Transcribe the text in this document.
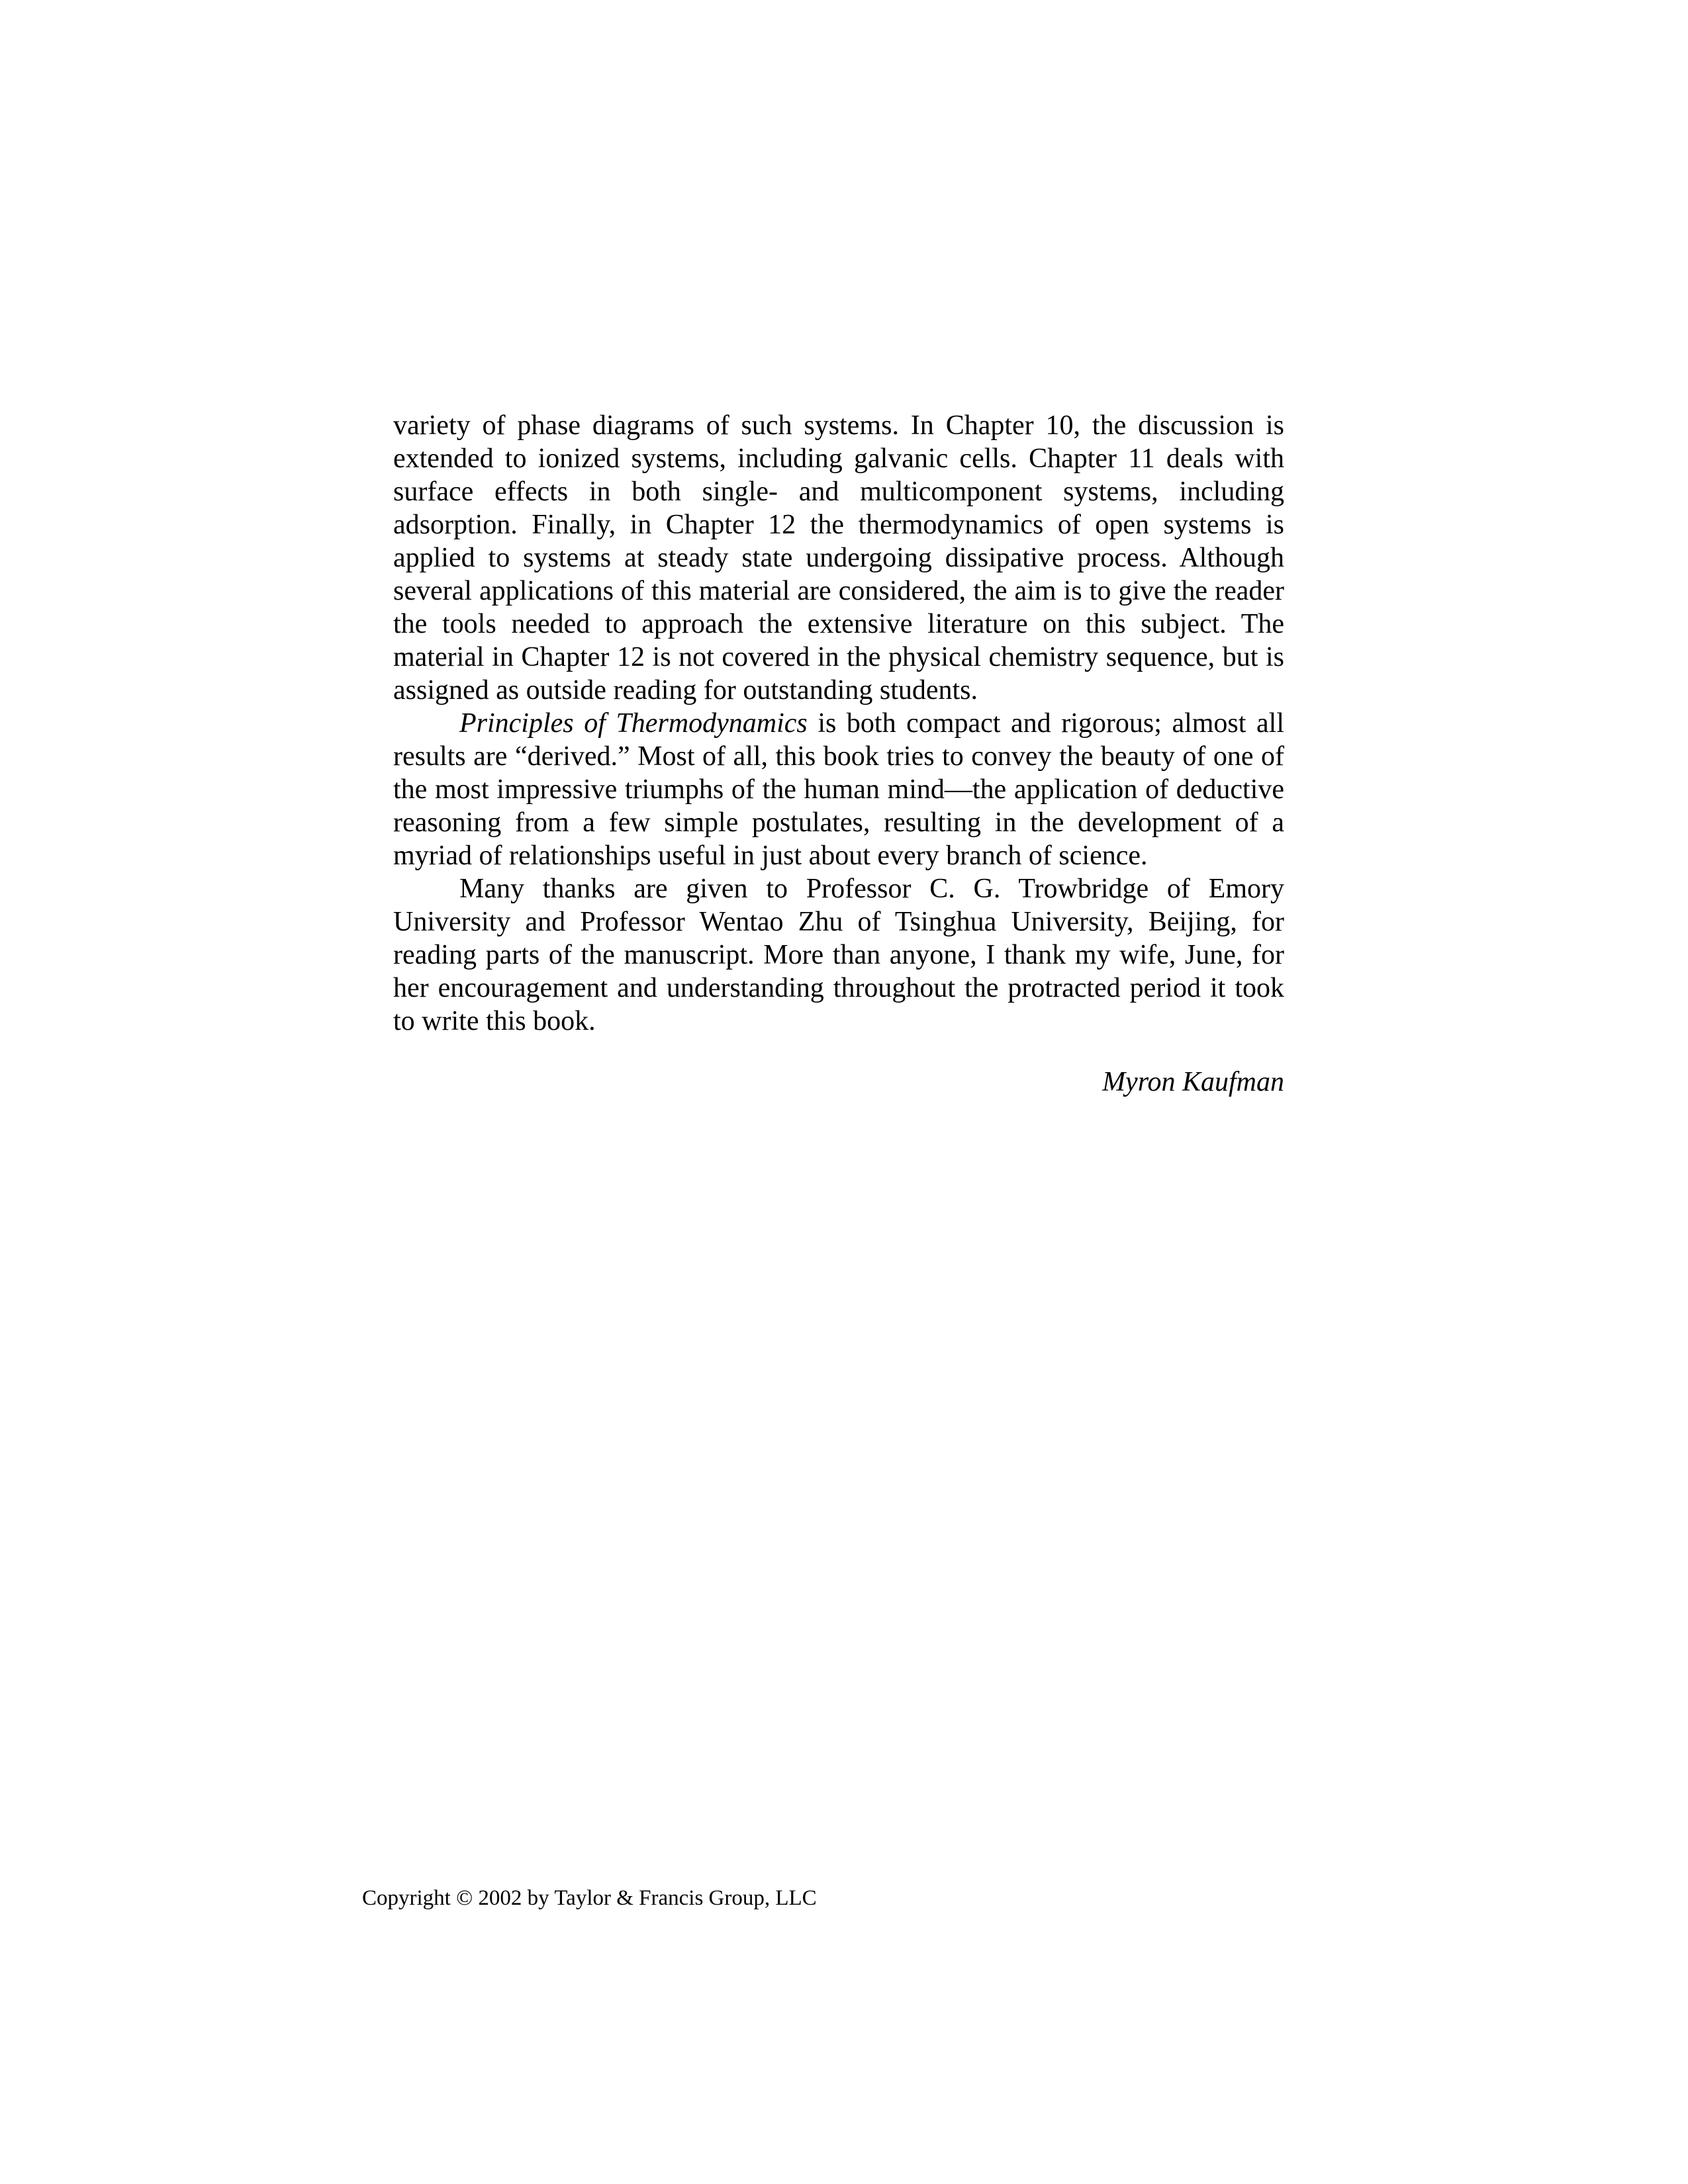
variety of phase diagrams of such systems. In Chapter 10, the discussion is extended to ionized systems, including galvanic cells. Chapter 11 deals with surface effects in both single- and multicomponent systems, including adsorption. Finally, in Chapter 12 the thermodynamics of open systems is applied to systems at steady state undergoing dissipative process. Although several applications of this material are considered, the aim is to give the reader the tools needed to approach the extensive literature on this subject. The material in Chapter 12 is not covered in the physical chemistry sequence, but is assigned as outside reading for outstanding students.

Principles of Thermodynamics is both compact and rigorous; almost all results are “derived.” Most of all, this book tries to convey the beauty of one of the most impressive triumphs of the human mind—the application of deductive reasoning from a few simple postulates, resulting in the development of a myriad of relationships useful in just about every branch of science.

Many thanks are given to Professor C. G. Trowbridge of Emory University and Professor Wentao Zhu of Tsinghua University, Beijing, for reading parts of the manuscript. More than anyone, I thank my wife, June, for her encouragement and understanding throughout the protracted period it took to write this book.

Myron Kaufman

Copyright © 2002 by Taylor & Francis Group, LLC
